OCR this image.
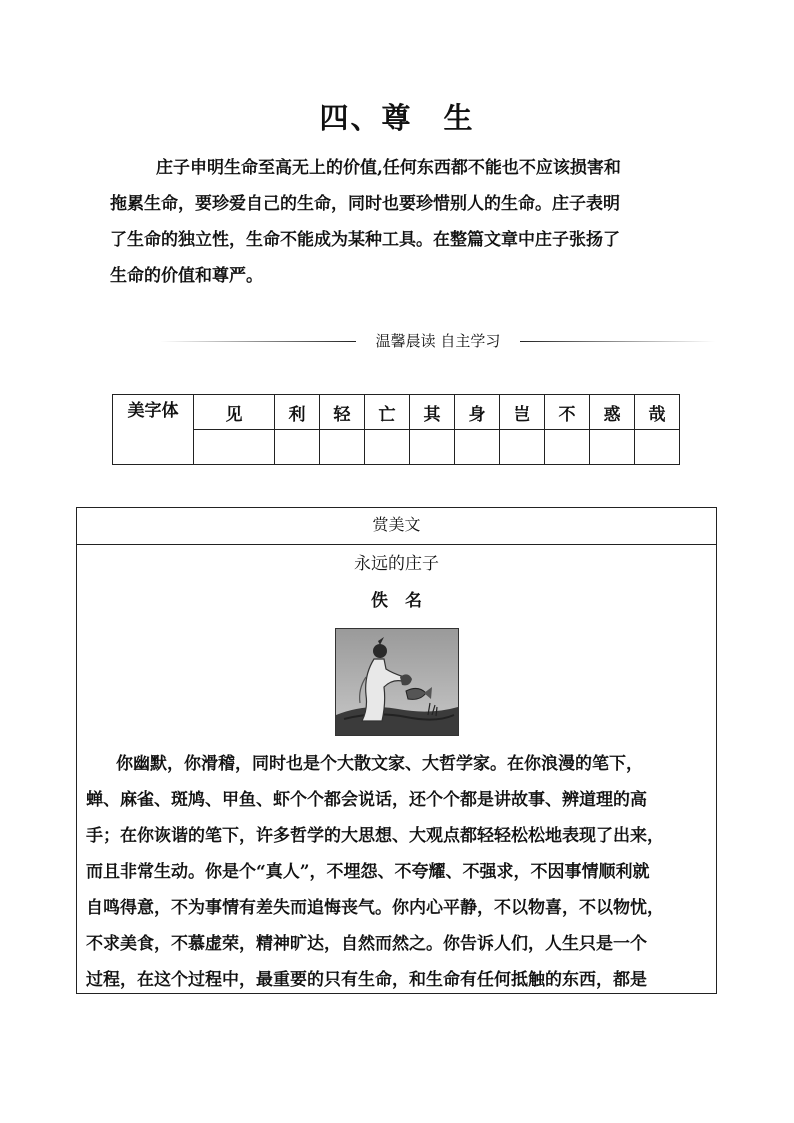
四、尊　生
庄子申明生命至高无上的价值,任何东西都不能也不应该损害和
拖累生命，要珍爱自己的生命，同时也要珍惜别人的生命。庄子表明
了生命的独立性，生命不能成为某种工具。在整篇文章中庄子张扬了
生命的价值和尊严。
温馨晨读 自主学习
美字体	见	利	轻	亡	其	身	岂	不	惑	哉

赏美文
永远的庄子
佚　名
你幽默，你滑稽，同时也是个大散文家、大哲学家。在你浪漫的笔下，
蝉、麻雀、斑鸠、甲鱼、虾个个都会说话，还个个都是讲故事、辨道理的高
手；在你诙谐的笔下，许多哲学的大思想、大观点都轻轻松松地表现了出来，
而且非常生动。你是个“真人”，不埋怨、不夸耀、不强求，不因事情顺利就
自鸣得意，不为事情有差失而追悔丧气。你内心平静，不以物喜，不以物忧，
不求美食，不慕虚荣，精神旷达，自然而然之。你告诉人们，人生只是一个
过程，在这个过程中，最重要的只有生命，和生命有任何抵触的东西，都是
